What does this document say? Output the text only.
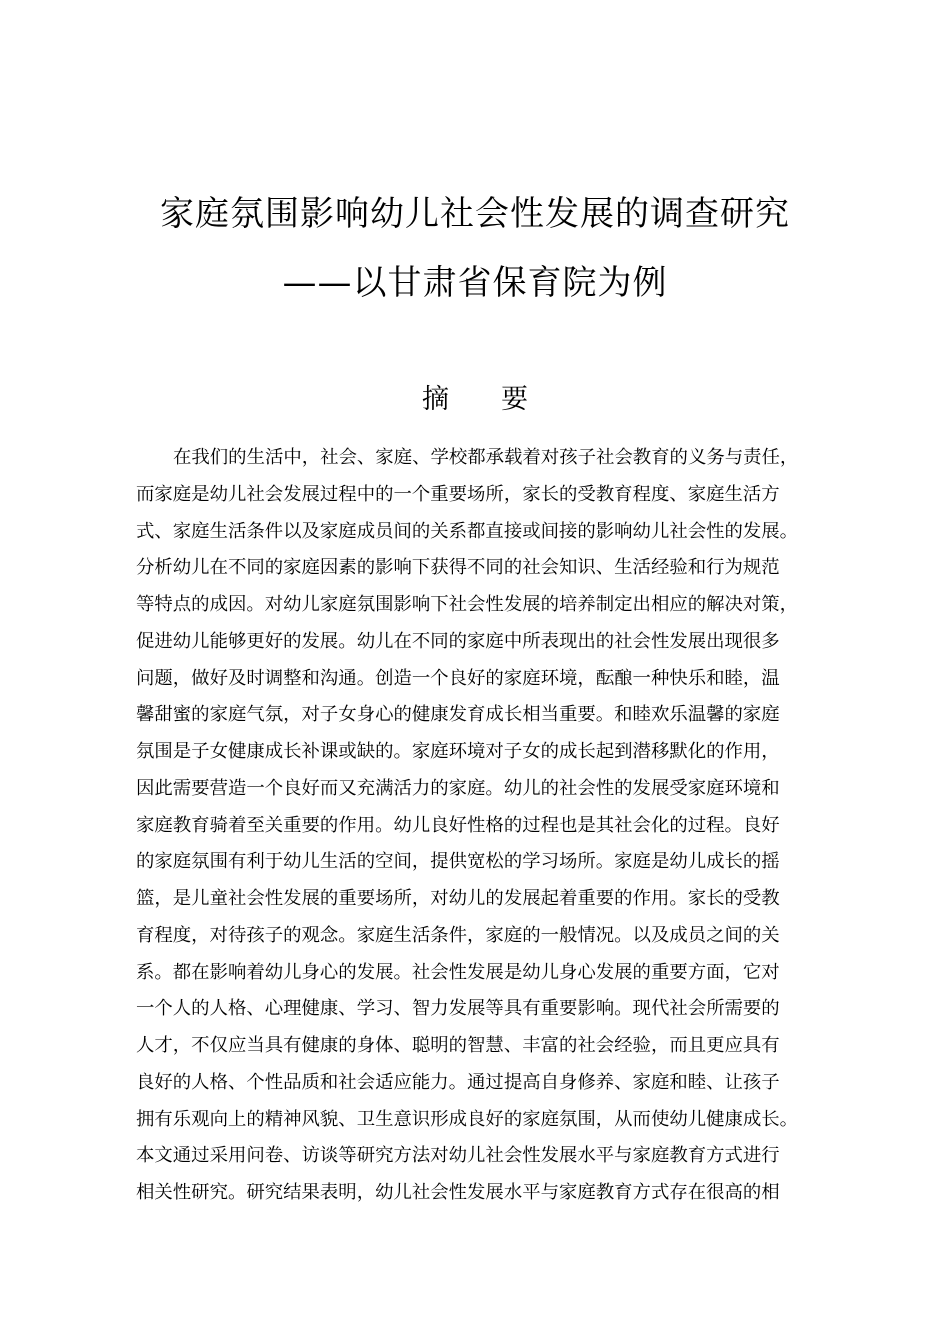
家庭氛围影响幼儿社会性发展的调查研究
——以甘肃省保育院为例
摘 要
在我们的生活中，社会、家庭、学校都承载着对孩子社会教育的义务与责任，
而家庭是幼儿社会发展过程中的一个重要场所，家长的受教育程度、家庭生活方
式、家庭生活条件以及家庭成员间的关系都直接或间接的影响幼儿社会性的发展。
分析幼儿在不同的家庭因素的影响下获得不同的社会知识、生活经验和行为规范
等特点的成因。对幼儿家庭氛围影响下社会性发展的培养制定出相应的解决对策，
促进幼儿能够更好的发展。幼儿在不同的家庭中所表现出的社会性发展出现很多
问题，做好及时调整和沟通。创造一个良好的家庭环境，酝酿一种快乐和睦，温
馨甜蜜的家庭气氛，对子女身心的健康发育成长相当重要。和睦欢乐温馨的家庭
氛围是子女健康成长补课或缺的。家庭环境对子女的成长起到潜移默化的作用，
因此需要营造一个良好而又充满活力的家庭。幼儿的社会性的发展受家庭环境和
家庭教育骑着至关重要的作用。幼儿良好性格的过程也是其社会化的过程。良好
的家庭氛围有利于幼儿生活的空间，提供宽松的学习场所。家庭是幼儿成长的摇
篮，是儿童社会性发展的重要场所，对幼儿的发展起着重要的作用。家长的受教
育程度，对待孩子的观念。家庭生活条件，家庭的一般情况。以及成员之间的关
系。都在影响着幼儿身心的发展。社会性发展是幼儿身心发展的重要方面，它对
一个人的人格、心理健康、学习、智力发展等具有重要影响。现代社会所需要的
人才，不仅应当具有健康的身体、聪明的智慧、丰富的社会经验，而且更应具有
良好的人格、个性品质和社会适应能力。通过提高自身修养、家庭和睦、让孩子
拥有乐观向上的精神风貌、卫生意识形成良好的家庭氛围，从而使幼儿健康成长。
本文通过采用问卷、访谈等研究方法对幼儿社会性发展水平与家庭教育方式进行
相关性研究。研究结果表明，幼儿社会性发展水平与家庭教育方式存在很高的相
